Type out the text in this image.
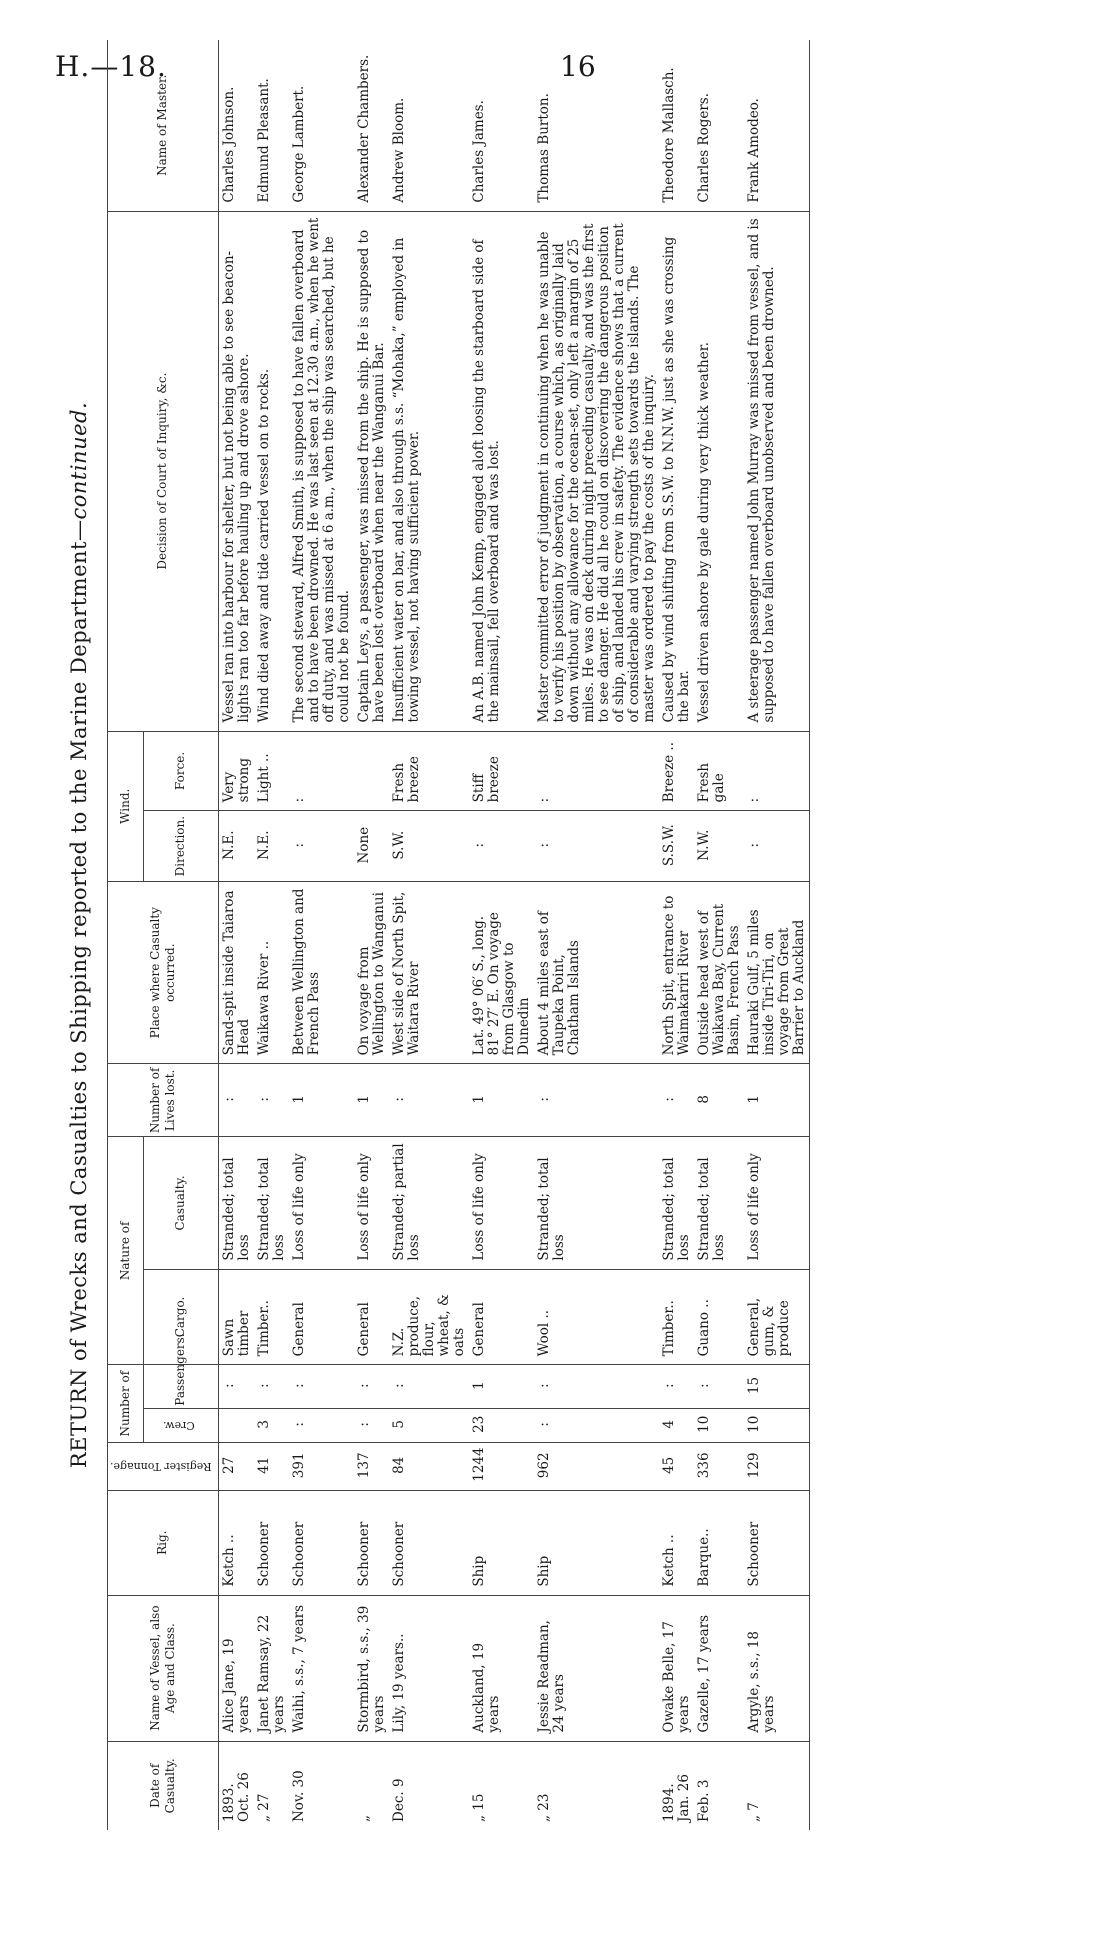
H.—18.	16
RETURN of Wrecks and Casualties to Shipping reported to the Marine Department—continued.
Date of Casualty.	Name of Vessel, also Age and Class.	Rig.	Register Tonnage.	Number of		Nature of		Number of Lives lost.	Place where Casualty occurred.	Wind.		Decision of Court of Inquiry, &c.	Name of Master.
				Crew.	Passengers.	Cargo.	Casualty.			Direction.	Force.		

1893. Oct. 26	Alice Jane, 19 years	Ketch ..	27		:	Sawn timber	Stranded; total loss	:	Sand-spit inside Taiaroa Head	N.E.	Very strong	Vessel ran into harbour for shelter, but not being able to see beacon-lights ran too far before hauling up and drove ashore.	Charles Johnson.

„ 27	Janet Ramsay, 22 years	Schooner	41	3	:	Timber..	Stranded; total loss	:	Waikawa River ..	N.E.	Light ..	Wind died away and tide carried vessel on to rocks.	Edmund Pleasant.

Nov. 30	Waihi, s.s., 7 years	Schooner	391	:	:	General	Loss of life only	1	Between Wellington and French Pass	:	:	The second steward, Alfred Smith, is supposed to have fallen overboard and to have been drowned. He was last seen at 12.30 a.m., when he went off duty, and was missed at 6 a.m., when the ship was searched, but he could not be found.	George Lambert.

„	Stormbird, s.s., 39 years	Schooner	137	:	:	General	Loss of life only	1	On voyage from Wellington to Wanganui	None		Captain Leys, a passenger, was missed from the ship. He is supposed to have been lost overboard when near the Wanganui Bar.	Alexander Chambers.

Dec. 9	Lily, 19 years..	Schooner	84	5	:	N.Z. produce, flour, wheat, & oats	Stranded; partial loss	:	West side of North Spit, Waitara River	S.W.	Fresh breeze	Insufficient water on bar, and also through s.s. “Mohaka,” employed in towing vessel, not having sufficient power.	Andrew Bloom.

„ 15	Auckland, 19 years	Ship	1244	23	1	General	Loss of life only	1	Lat. 49° 06′ S., long. 81° 27′ E. On voyage from Glasgow to Dunedin	:	Stiff breeze	An A.B. named John Kemp, engaged aloft loosing the starboard side of the mainsail, fell overboard and was lost.	Charles James.

„ 23	Jessie Readman, 24 years	Ship	962	:	:	Wool ..	Stranded; total loss	:	About 4 miles east of Taupeka Point, Chatham Islands	:	:	Master committed error of judgment in continuing when he was unable to verify his position by observation, a course which, as originally laid down without any allowance for the ocean-set, only left a margin of 25 miles. He was on deck during night preceding casualty, and was the first to see danger. He did all he could on discovering the dangerous position of ship, and landed his crew in safety. The evidence shows that a current of considerable and varying strength sets towards the islands. The master was ordered to pay the costs of the inquiry.	Thomas Burton.

1894. Jan. 26	Owake Belle, 17 years	Ketch ..	45	4	:	Timber..	Stranded; total loss	:	North Spit, entrance to Waimakariri River	S.S.W.	Breeze ..	Caused by wind shifting from S.S.W. to N.N.W. just as she was crossing the bar.	Theodore Mallasch.

Feb. 3	Gazelle, 17 years	Barque..	336	10	:	Guano ..	Stranded; total loss	8	Outside head west of Waikawa Bay, Current Basin, French Pass	N.W.	Fresh gale	Vessel driven ashore by gale during very thick weather.	Charles Rogers.

„ 7	Argyle, s.s., 18 years	Schooner	129	10	15	General, gum, & produce	Loss of life only	1	Hauraki Gulf, 5 miles inside Tiri-Tiri, on voyage from Great Barrier to Auckland	:	:	A steerage passenger named John Murray was missed from vessel, and is supposed to have fallen overboard unobserved and been drowned.	Frank Amodeo.
